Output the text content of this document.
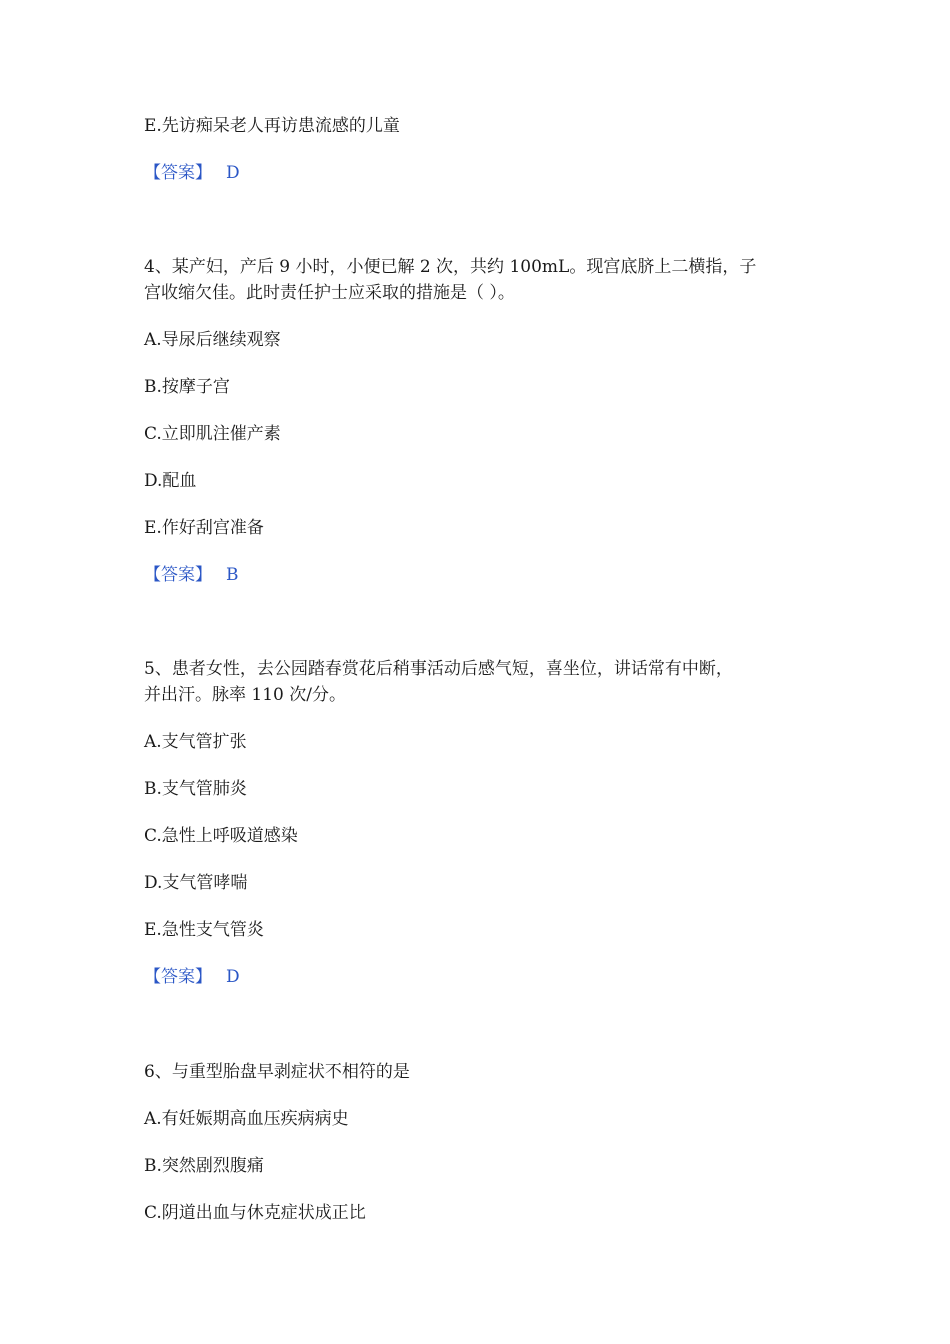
E.先访痴呆老人再访患流感的儿童
【答案】 D
4、某产妇，产后 9 小时，小便已解 2 次，共约 100mL。现宫底脐上二横指，子
宫收缩欠佳。此时责任护士应采取的措施是（ ）。
A.导尿后继续观察
B.按摩子宫
C.立即肌注催产素
D.配血
E.作好刮宫准备
【答案】 B
5、患者女性，去公园踏春赏花后稍事活动后感气短，喜坐位，讲话常有中断，
并出汗。脉率 110 次/分。
A.支气管扩张
B.支气管肺炎
C.急性上呼吸道感染
D.支气管哮喘
E.急性支气管炎
【答案】 D
6、与重型胎盘早剥症状不相符的是
A.有妊娠期高血压疾病病史
B.突然剧烈腹痛
C.阴道出血与休克症状成正比
